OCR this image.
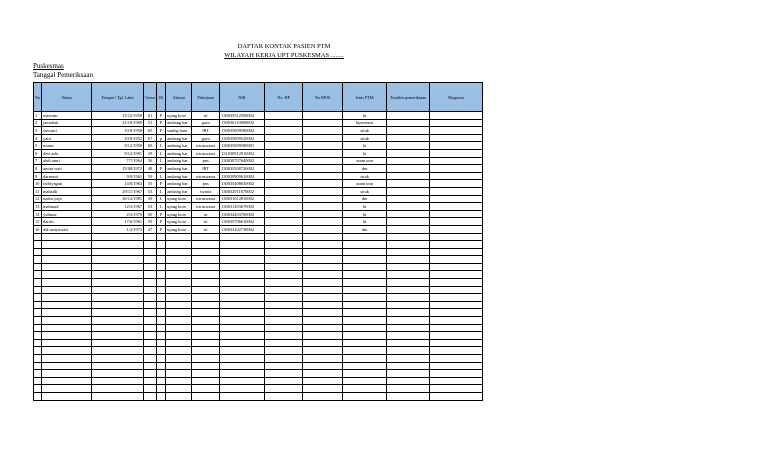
DAFTAR KONTAK PASIEN PTM
WILAYAH KERJA UPT PUSKESMAS ........
Puskesmas
Tanggal Pemeriksaan
No	Nama	Tempat / Tgl. Lahir	Umur	JK	Alamat	Pekerjaan	NIK	No. HP	No BPJS	Jenis PTM	Terakhir pemeriksaan	Diagnosa
1	maryam	15/12/1958	61	P	ujung koto	irt	130035512590002			ht		
2	jamaliati	21/10/1969	51	P	ambang bar	guru	130036110690002			hipertensi		
3	suwanti	10/9/1958	65	P	sambg bara	IRT	130035009580002			struk		
4	yatri	10/9/1952	67	p	ambang bar	guru	130035009520002			struk		
5	murni	9/12/1958	60	L	ambang bar	wiraswasta	130035009580001			ht		
6	desi aski	9/12/1991	29	L	ambang bar	wiraswasta	131030912910002			ht		
7	abdi amri	7/7/1964	56	L	ambang bar	pns	130030707640002			asam urat		
8	amira wati	15/08/1972	48	P	ambang bar	IRT	130035508720002			dm		
9	darmawi	9/9/1961	59	L	ambang bar	wiraswasta	130030909610002			struk		
10	indriyaguti	14/8/1963	55	P	ambang bar	pns	130035408630002			asam urat		
11	mahadli	29/11/1967	53	L	ambang bar	swasta	130032911670002			struk		
12	nadra yopi	10/12/1981	39	L	ujung koto	wiraswasta	130031012810002			dm		
13	mahmud	12/3/1967	53	L	ujung koto	wiraswasta	130031203670002			ht		
14	yulimar	2/3/1970	50	P	ujung koto	irt	130034203700002			ht		
15	darnis	17/6/1961	59	P	ujung koto	irt	130035706610002			ht		
16	dik astiyuwati	1/2/1973	47	P	ujung koto	irt	130034102730002			dm		
